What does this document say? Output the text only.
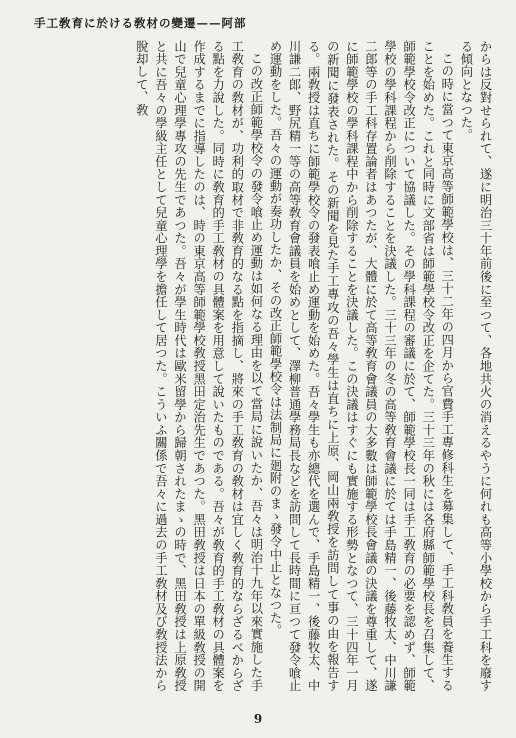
手工敎育に於ける敎材の變遷——阿部

からは反對せられて、遂に明治三十年前後に至つて、各地共火の消えるやうに何れも高等小學校から手工科を廢する傾向となつた。

この時に當つて東京高等師範學校は、三十二年の四月から官費手工專修科生を募集して、手工科敎員を養生することを始めた。これと同時に文部省は師範學校令改正を企てた。三十三年の秋には各府縣師範學校長を召集して、師範學校令改正について協議した。その學科課程の審議に於て、師範學校長一同は手工敎育の必要を認めず、師範學校の學科課程から削除することを決議した。三十三年の冬の高等敎育會議に於ては手島精一、後藤牧太、中川謙二郎等の手工科存置論者はあつたが、大體に於て高等敎育會議員の大多數は師範學校長會議の決議を尊重して、遂に師範學校の學科課程中から削除することを決議した。この決議はすぐにも實施する形勢となつて、三十四年一月の新聞に發表された。その新聞を見た手工專攻の吾々學生は直ちに上原、岡山兩敎授を訪問して事の由を報告する。兩敎授は直ちに師範學校令の發表喰止め運動を始めた。吾々學生も亦總代を選んで、手島精一、後藤牧太、中川謙二郎、野尻精一等の高等敎育會議員を始めとして、澤柳普通學務局長などを訪問して長時間に亘つて發令喰止め運動をした。吾々の運動が奏功したか、その改正師範學校令は法制局に廻附のまゝ發令中止となつた。

この改正師範學校令の發令喰止め運動は如何なる理由を以て當局に說いたか、吾々は明治十九年以來實施した手工敎育の敎材が、功利的取材で非敎育的なる點を指摘し、將來の手工敎育の敎材は宜しく敎育的ならざるべからざる點を力說した。同時に敎育的手工敎材の具體案を用意して說いたものである。吾々が敎育的手工敎材の具體案を作成するまでに指導したのは、時の東京高等師範學校敎授黑田定治先生であつた。黑田敎授は日本の單級敎授の開山で兒童心理學專攻の先生であつた。吾々が學生時代は歐米留學から歸朝されたまゝの時で、黑田敎授は上原敎授と共に吾々の學級主任として兒童心理學を擔任して居つた。こういふ關係で吾々に過去の手工敎材及び敎授法から脫却して、敎

9
